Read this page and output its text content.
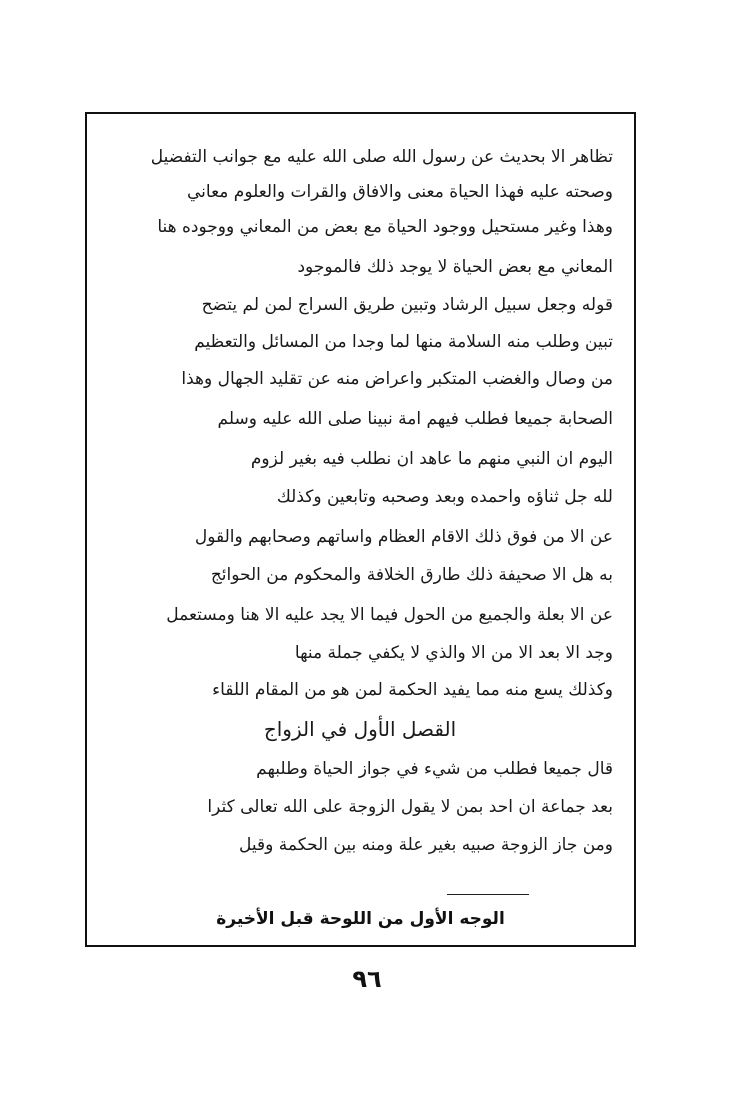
تظاهر الا بحديث عن رسول الله صلى الله عليه مع جوانب التفضيل
وصحته عليه فهذا الحياة معنى والافاق والقرات والعلوم معاني
وهذا وغير مستحيل ووجود الحياة مع بعض من المعاني ووجوده هنا
المعاني مع بعض الحياة لا يوجد ذلك فالموجود
قوله وجعل سبيل الرشاد وتبين طريق السراج لمن لم يتضح
تبين وطلب منه السلامة منها لما وجدا من المسائل والتعظيم
من وصال والغضب المتكبر واعراض منه عن تقليد الجهال وهذا
الصحابة جميعا فطلب فيهم امة نبينا صلى الله عليه وسلم
اليوم ان النبي منهم ما عاهد ان نطلب فيه بغير لزوم
لله جل ثناؤه واحمده وبعد وصحبه وتابعين وكذلك
عن الا من فوق ذلك الاقام العظام واساتهم وصحابهم والقول
به هل الا صحيفة ذلك طارق الخلافة والمحكوم من الحوائج
عن الا بعلة والجميع من الحول فيما الا يجد عليه الا هنا ومستعمل
وجد الا بعد الا من الا والذي لا يكفي جملة منها
وكذلك يسع منه مما يفيد الحكمة لمن هو من المقام اللقاء
القصل الأول في الزواج
قال جميعا فطلب من شيء في جواز الحياة وطلبهم
بعد جماعة ان احد بمن لا يقول الزوجة على الله تعالى كثرا
ومن جاز الزوجة صبيه بغير علة ومنه بين الحكمة وقيل
الوجه الأول من اللوحة قبل الأخيرة
٩٦
